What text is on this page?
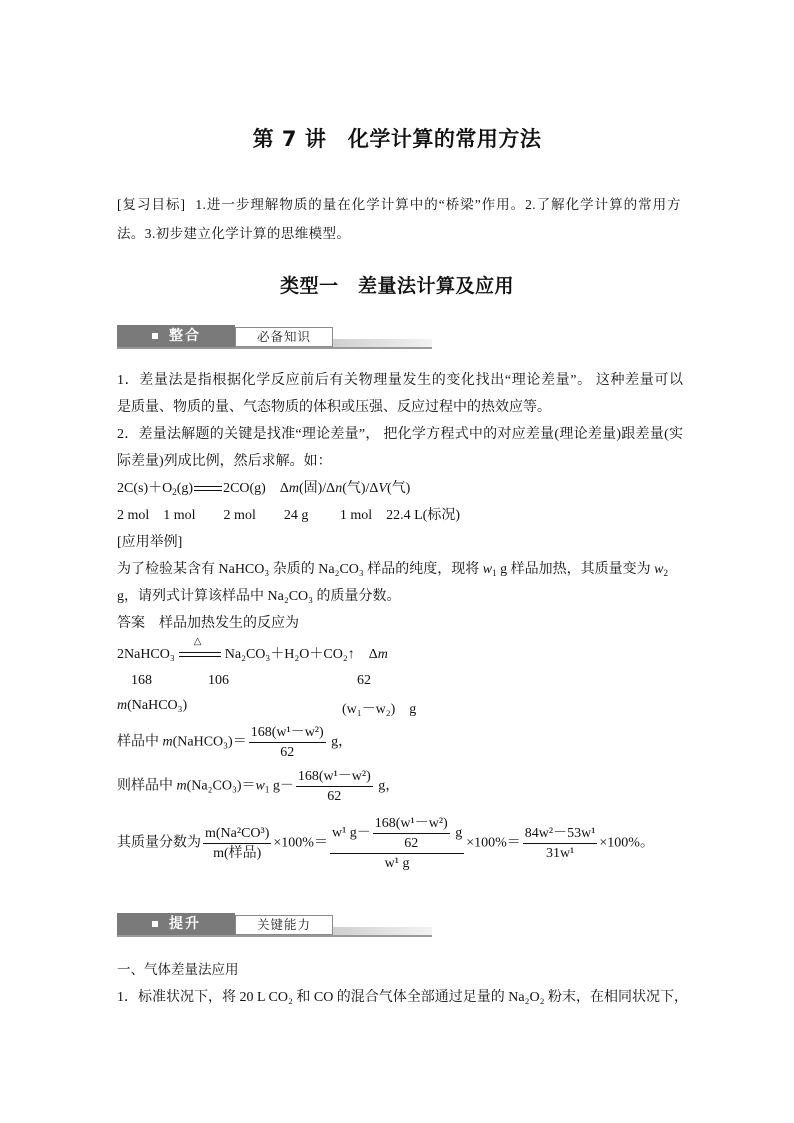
第 7 讲　化学计算的常用方法
[复习目标] 1.进一步理解物质的量在化学计算中的“桥梁”作用。2.了解化学计算的常用方
法。3.初步建立化学计算的思维模型。
类型一　差量法计算及应用
整合	必备知识
1．差量法是指根据化学反应前后有关物理量发生的变化找出“理论差量”。 这种差量可以
是质量、物质的量、气态物质的体积或压强、反应过程中的热效应等。
2．差量法解题的关键是找准“理论差量”， 把化学方程式中的对应差量(理论差量)跟差量(实
际差量)列成比例，然后求解。如：
$2C(s)+O_2(g)$ 2CO(g)　Δm(固)/Δn(气)/ΔV(气)
2 mol　1 mol　　2 mol　　24 g　　 1 mol　22.4 L(标况)
[应用举例]
为了检验某含有 NaHCO₃ 杂质的 Na₂CO₃ 样品的纯度，现将 $w_1$ g 样品加热，其质量变为 $w_2$
g，请列式计算该样品中 Na₂CO₃ 的质量分数。
答案　样品加热发生的反应为
2NaHCO₃
△
Na₂CO₃＋H₂O＋CO₂↑　Δm
168	106	62
m(NaHCO₃)	(w₁－w₂)　g
样品中 m(NaHCO₃)＝ $\frac{\text{168(w¹－w²)}}{62}$ g，
则样品中 $m(Na_2CO_3)=w_1$ $g- \frac{\text{168(w¹－w²)}}{62}$ g，
其质量分数为 $\frac{\text{m(Na²CO³)}}{\text{m(样品)}} \times 100\%= \frac{w^1 g- \frac{\text{168(w¹－w²)}}{62} g}{\text{w¹ g}} \times 100\%= \frac{\text{84w²－53w¹}}{\text{31w¹}} \times 100\%$。
提升	关键能力
一、气体差量法应用
1．标准状况下，将 20 L CO₂ 和 CO 的混合气体全部通过足量的 Na₂O₂ 粉末，在相同状况下，
